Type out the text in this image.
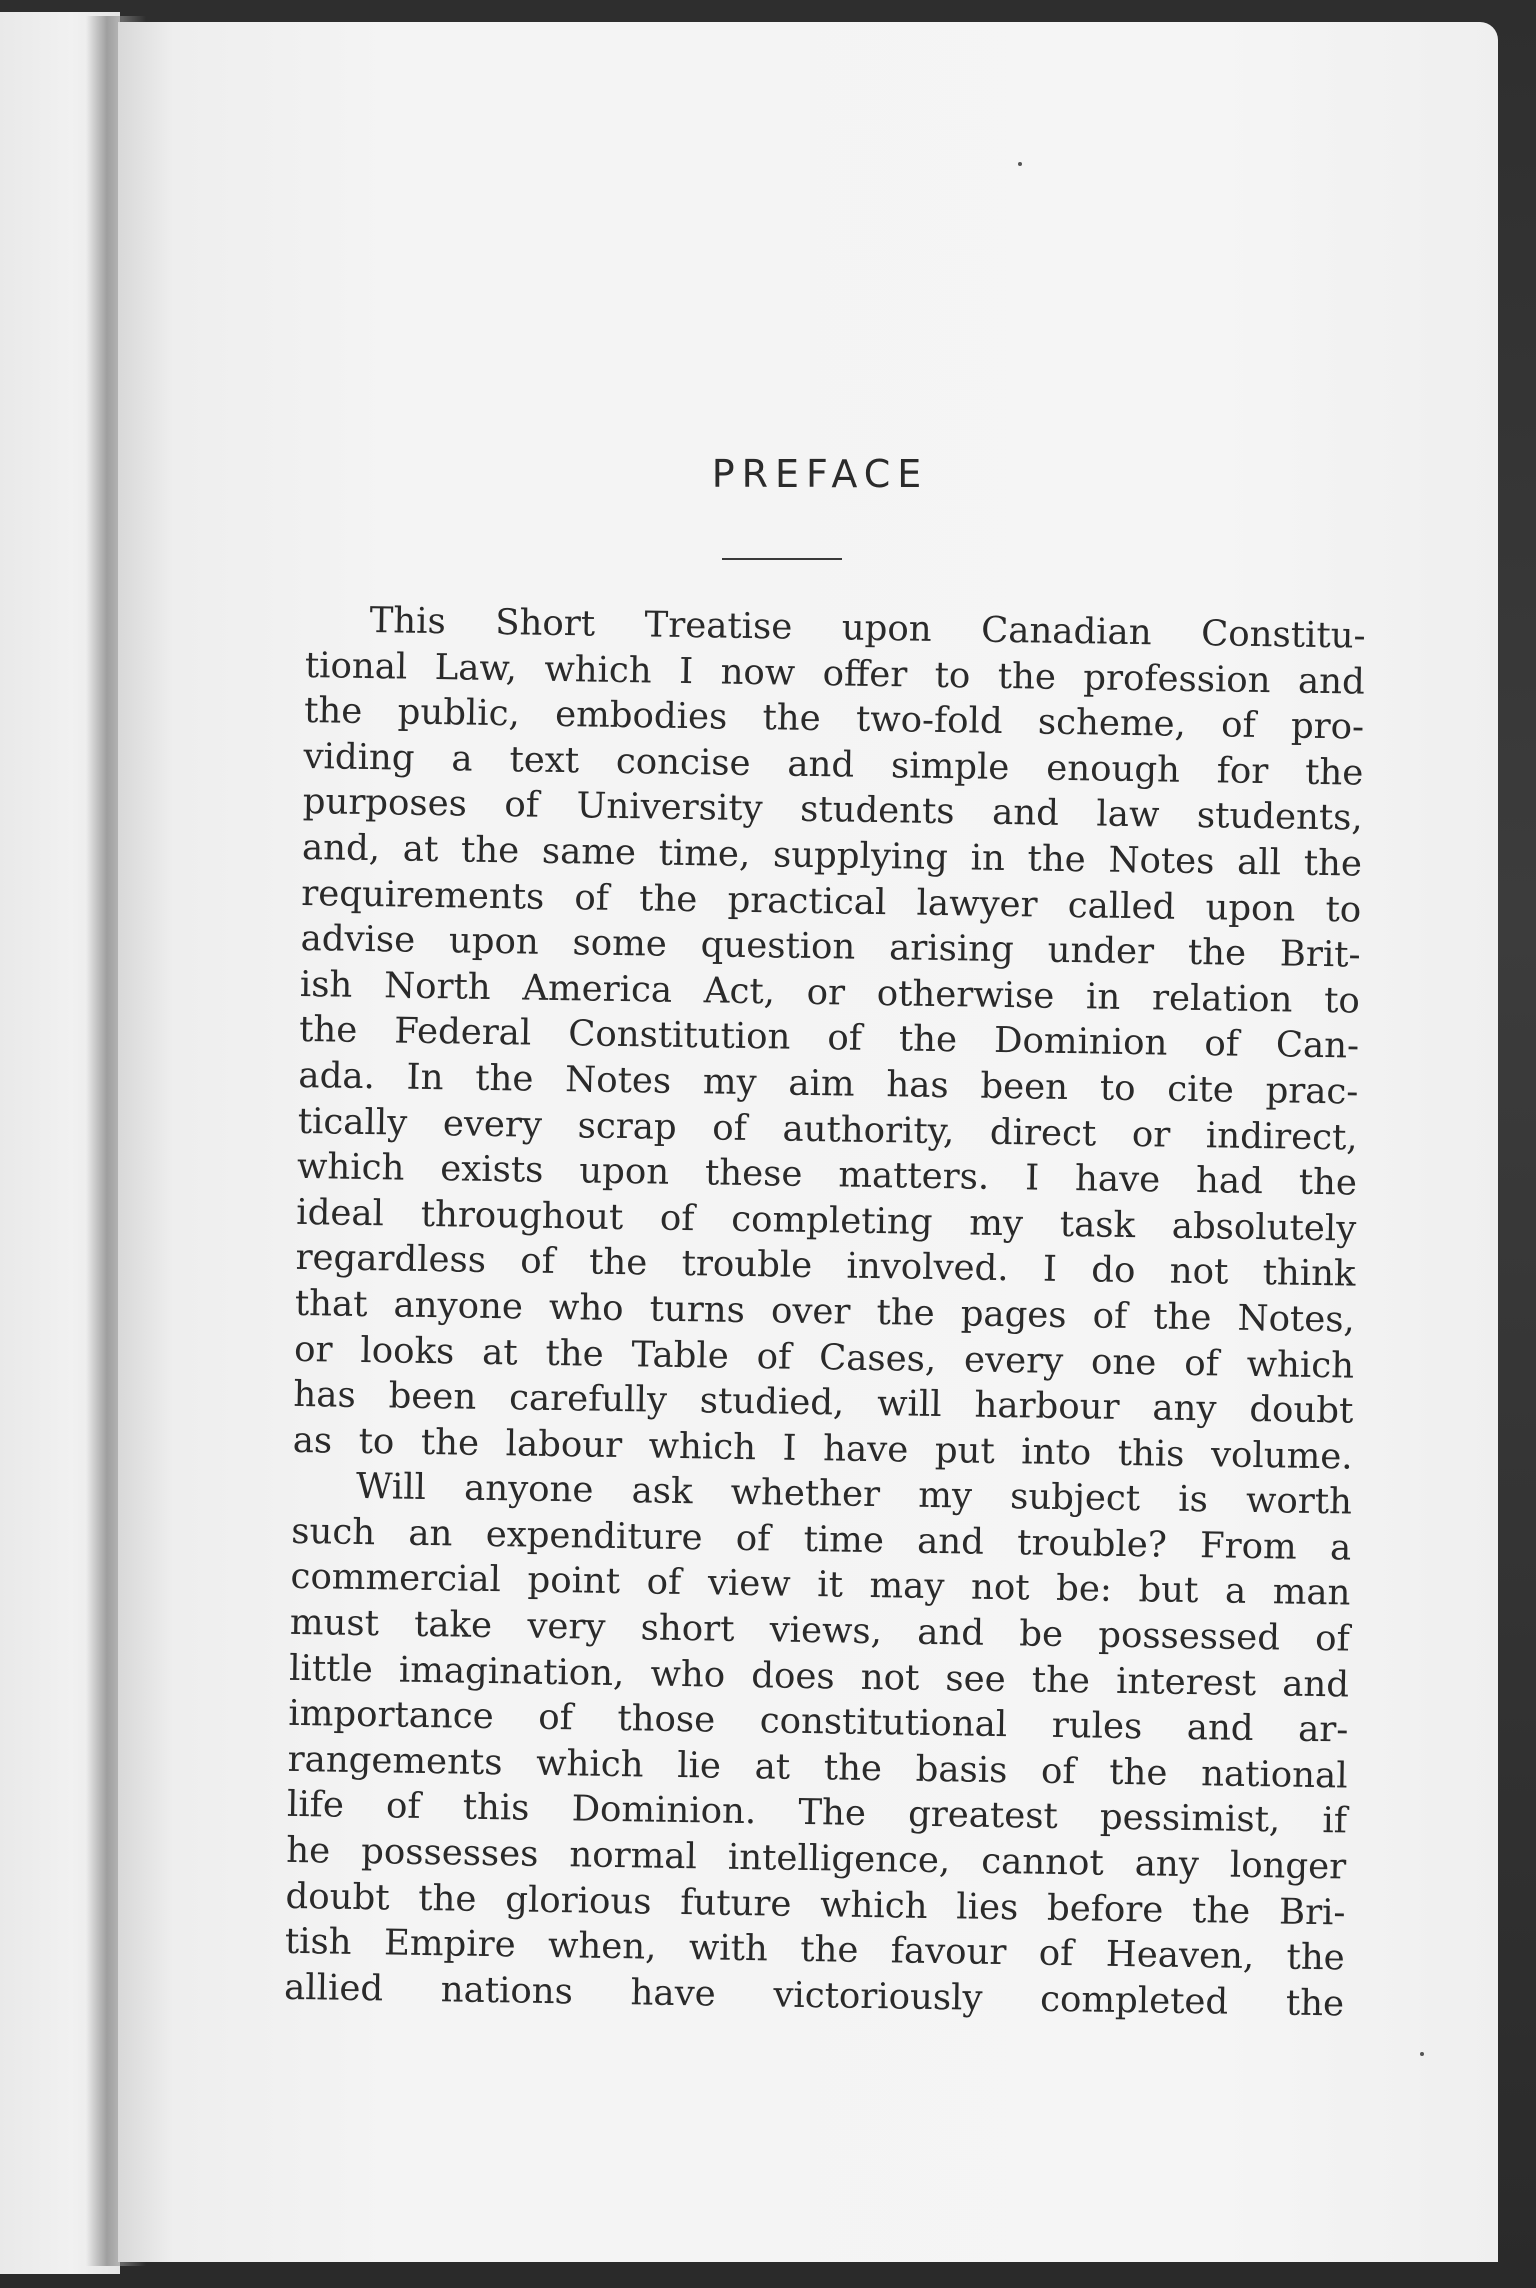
PREFACE
This Short Treatise upon Canadian Constitu-
tional Law, which I now offer to the profession and
the public, embodies the two-fold scheme, of pro-
viding a text concise and simple enough for the
purposes of University students and law students,
and, at the same time, supplying in the Notes all the
requirements of the practical lawyer called upon to
advise upon some question arising under the Brit-
ish North America Act, or otherwise in relation to
the Federal Constitution of the Dominion of Can-
ada. In the Notes my aim has been to cite prac-
tically every scrap of authority, direct or indirect,
which exists upon these matters. I have had the
ideal throughout of completing my task absolutely
regardless of the trouble involved. I do not think
that anyone who turns over the pages of the Notes,
or looks at the Table of Cases, every one of which
has been carefully studied, will harbour any doubt
as to the labour which I have put into this volume.
Will anyone ask whether my subject is worth
such an expenditure of time and trouble? From a
commercial point of view it may not be: but a man
must take very short views, and be possessed of
little imagination, who does not see the interest and
importance of those constitutional rules and ar-
rangements which lie at the basis of the national
life of this Dominion. The greatest pessimist, if
he possesses normal intelligence, cannot any longer
doubt the glorious future which lies before the Bri-
tish Empire when, with the favour of Heaven, the
allied nations have victoriously completed the
